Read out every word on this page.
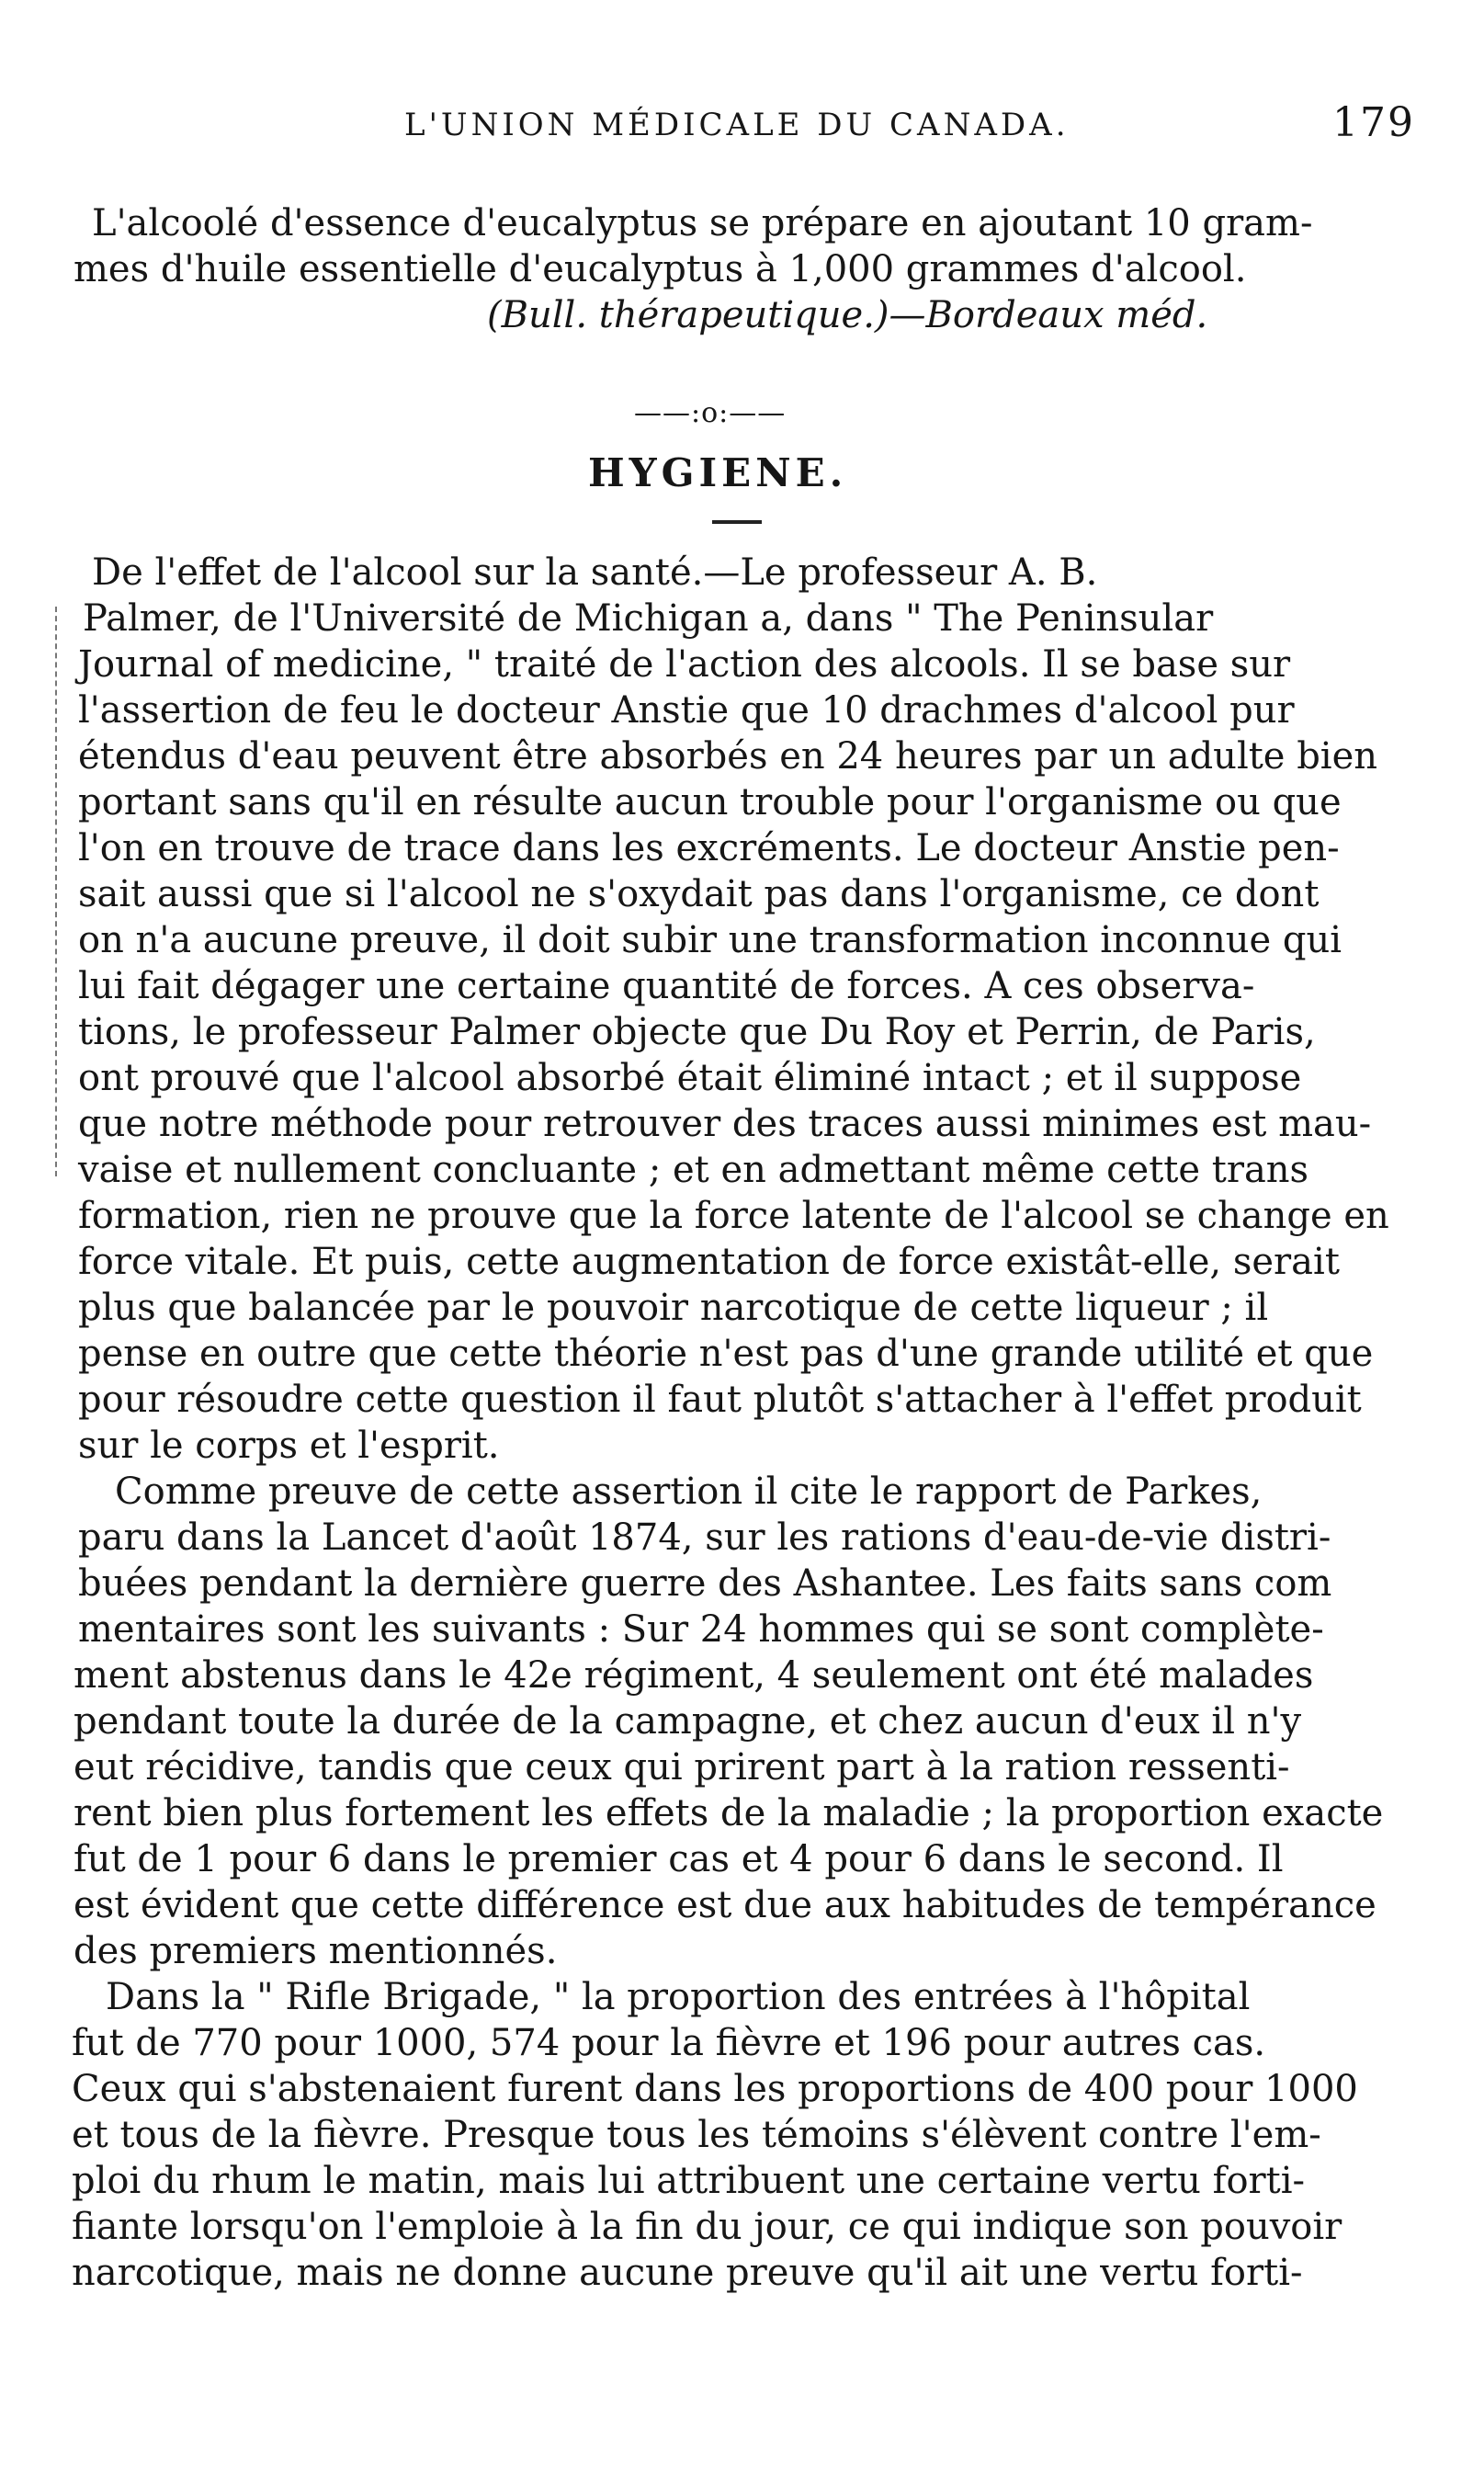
L'UNION MÉDICALE DU CANADA.	179
L'alcoolé d'essence d'eucalyptus se prépare en ajoutant 10 gram-
mes d'huile essentielle d'eucalyptus à 1,000 grammes d'alcool.
(Bull. thérapeutique.)—Bordeaux méd.
——:o:——
HYGIENE.
De l'effet de l'alcool sur la santé.—Le professeur A. B.
Palmer, de l'Université de Michigan a, dans " The Peninsular
Journal of medicine, " traité de l'action des alcools. Il se base sur
l'assertion de feu le docteur Anstie que 10 drachmes d'alcool pur
étendus d'eau peuvent être absorbés en 24 heures par un adulte bien
portant sans qu'il en résulte aucun trouble pour l'organisme ou que
l'on en trouve de trace dans les excréments. Le docteur Anstie pen-
sait aussi que si l'alcool ne s'oxydait pas dans l'organisme, ce dont
on n'a aucune preuve, il doit subir une transformation inconnue qui
lui fait dégager une certaine quantité de forces. A ces observa-
tions, le professeur Palmer objecte que Du Roy et Perrin, de Paris,
ont prouvé que l'alcool absorbé était éliminé intact ; et il suppose
que notre méthode pour retrouver des traces aussi minimes est mau-
vaise et nullement concluante ; et en admettant même cette trans
formation, rien ne prouve que la force latente de l'alcool se change en
force vitale. Et puis, cette augmentation de force existât-elle, serait
plus que balancée par le pouvoir narcotique de cette liqueur ; il
pense en outre que cette théorie n'est pas d'une grande utilité et que
pour résoudre cette question il faut plutôt s'attacher à l'effet produit
sur le corps et l'esprit.
Comme preuve de cette assertion il cite le rapport de Parkes,
paru dans la Lancet d'août 1874, sur les rations d'eau-de-vie distri-
buées pendant la dernière guerre des Ashantee. Les faits sans com
mentaires sont les suivants : Sur 24 hommes qui se sont complète-
ment abstenus dans le 42e régiment, 4 seulement ont été malades
pendant toute la durée de la campagne, et chez aucun d'eux il n'y
eut récidive, tandis que ceux qui prirent part à la ration ressenti-
rent bien plus fortement les effets de la maladie ; la proportion exacte
fut de 1 pour 6 dans le premier cas et 4 pour 6 dans le second. Il
est évident que cette différence est due aux habitudes de tempérance
des premiers mentionnés.
Dans la " Rifle Brigade, " la proportion des entrées à l'hôpital
fut de 770 pour 1000, 574 pour la fièvre et 196 pour autres cas.
Ceux qui s'abstenaient furent dans les proportions de 400 pour 1000
et tous de la fièvre. Presque tous les témoins s'élèvent contre l'em-
ploi du rhum le matin, mais lui attribuent une certaine vertu forti-
fiante lorsqu'on l'emploie à la fin du jour, ce qui indique son pouvoir
narcotique, mais ne donne aucune preuve qu'il ait une vertu forti-
